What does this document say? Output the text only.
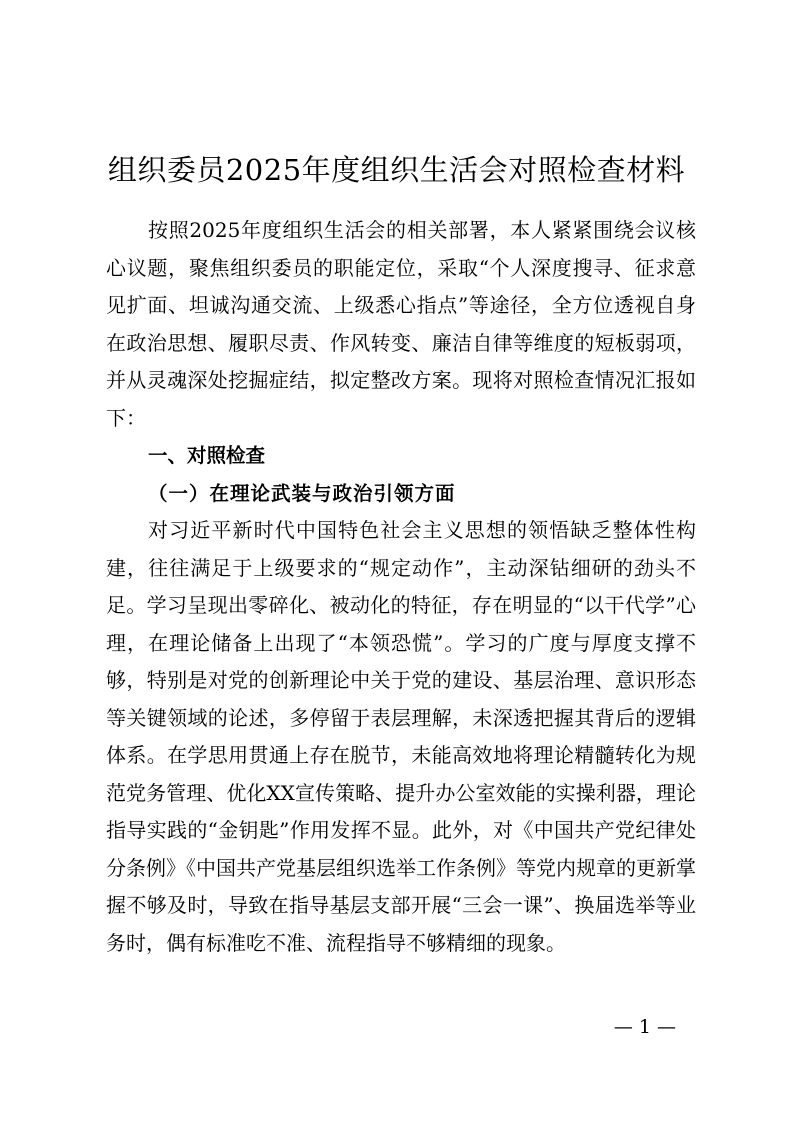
组织委员2025年度组织生活会对照检查材料

按照2025年度组织生活会的相关部署，本人紧紧围绕会议核心议题，聚焦组织委员的职能定位，采取“个人深度搜寻、征求意见扩面、坦诚沟通交流、上级悉心指点”等途径，全方位透视自身在政治思想、履职尽责、作风转变、廉洁自律等维度的短板弱项，并从灵魂深处挖掘症结，拟定整改方案。现将对照检查情况汇报如下：

一、对照检查
（一）在理论武装与政治引领方面

对习近平新时代中国特色社会主义思想的领悟缺乏整体性构建，往往满足于上级要求的“规定动作”，主动深钻细研的劲头不足。学习呈现出零碎化、被动化的特征，存在明显的“以干代学”心理，在理论储备上出现了“本领恐慌”。学习的广度与厚度支撑不够，特别是对党的创新理论中关于党的建设、基层治理、意识形态等关键领域的论述，多停留于表层理解，未深透把握其背后的逻辑体系。在学思用贯通上存在脱节，未能高效地将理论精髓转化为规范党务管理、优化XX宣传策略、提升办公室效能的实操利器，理论指导实践的“金钥匙”作用发挥不显。此外，对《中国共产党纪律处分条例》《中国共产党基层组织选举工作条例》等党内规章的更新掌握不够及时，导致在指导基层支部开展“三会一课”、换届选举等业务时，偶有标准吃不准、流程指导不够精细的现象。

— 1 —
